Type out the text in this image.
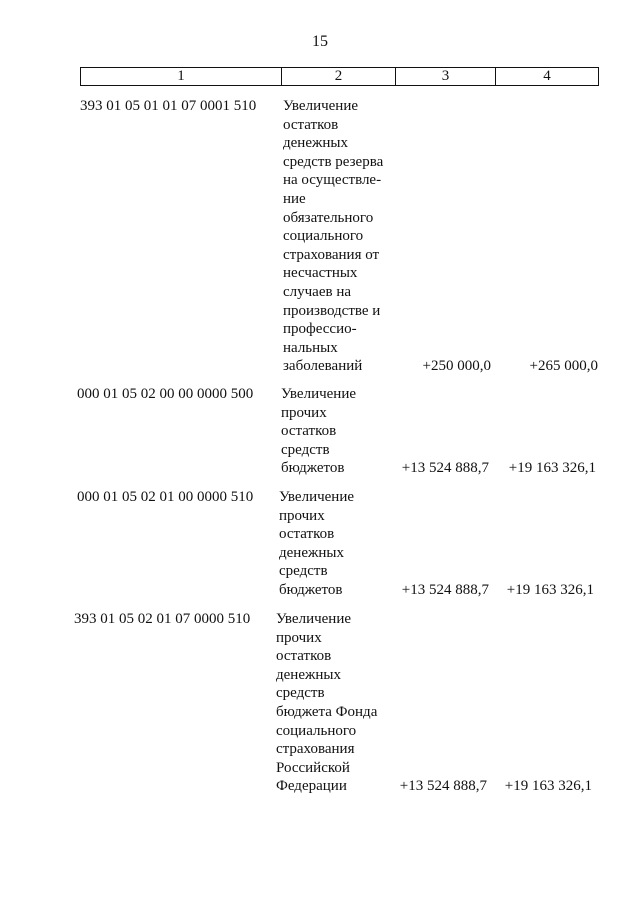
15
1	2	3	4
393 01 05 01 01 07 0001 510 Увеличение
остатков
денежных
средств резерва
на осуществле-
ние
обязательного
социального
страхования от
несчастных
случаев на
производстве и
профессио-
нальных
заболеваний	+250 000,0	+265 000,0
000 01 05 02 00 00 0000 500 Увеличение
прочих
остатков
средств
бюджетов	+13 524 888,7 +19 163 326,1
000 01 05 02 01 00 0000 510 Увеличение
прочих
остатков
денежных
средств
бюджетов	+13 524 888,7 +19 163 326,1
393 01 05 02 01 07 0000 510 Увеличение
прочих
остатков
денежных
средств
бюджета Фонда
социального
страхования
Российской
Федерации	+13 524 888,7 +19 163 326,1
